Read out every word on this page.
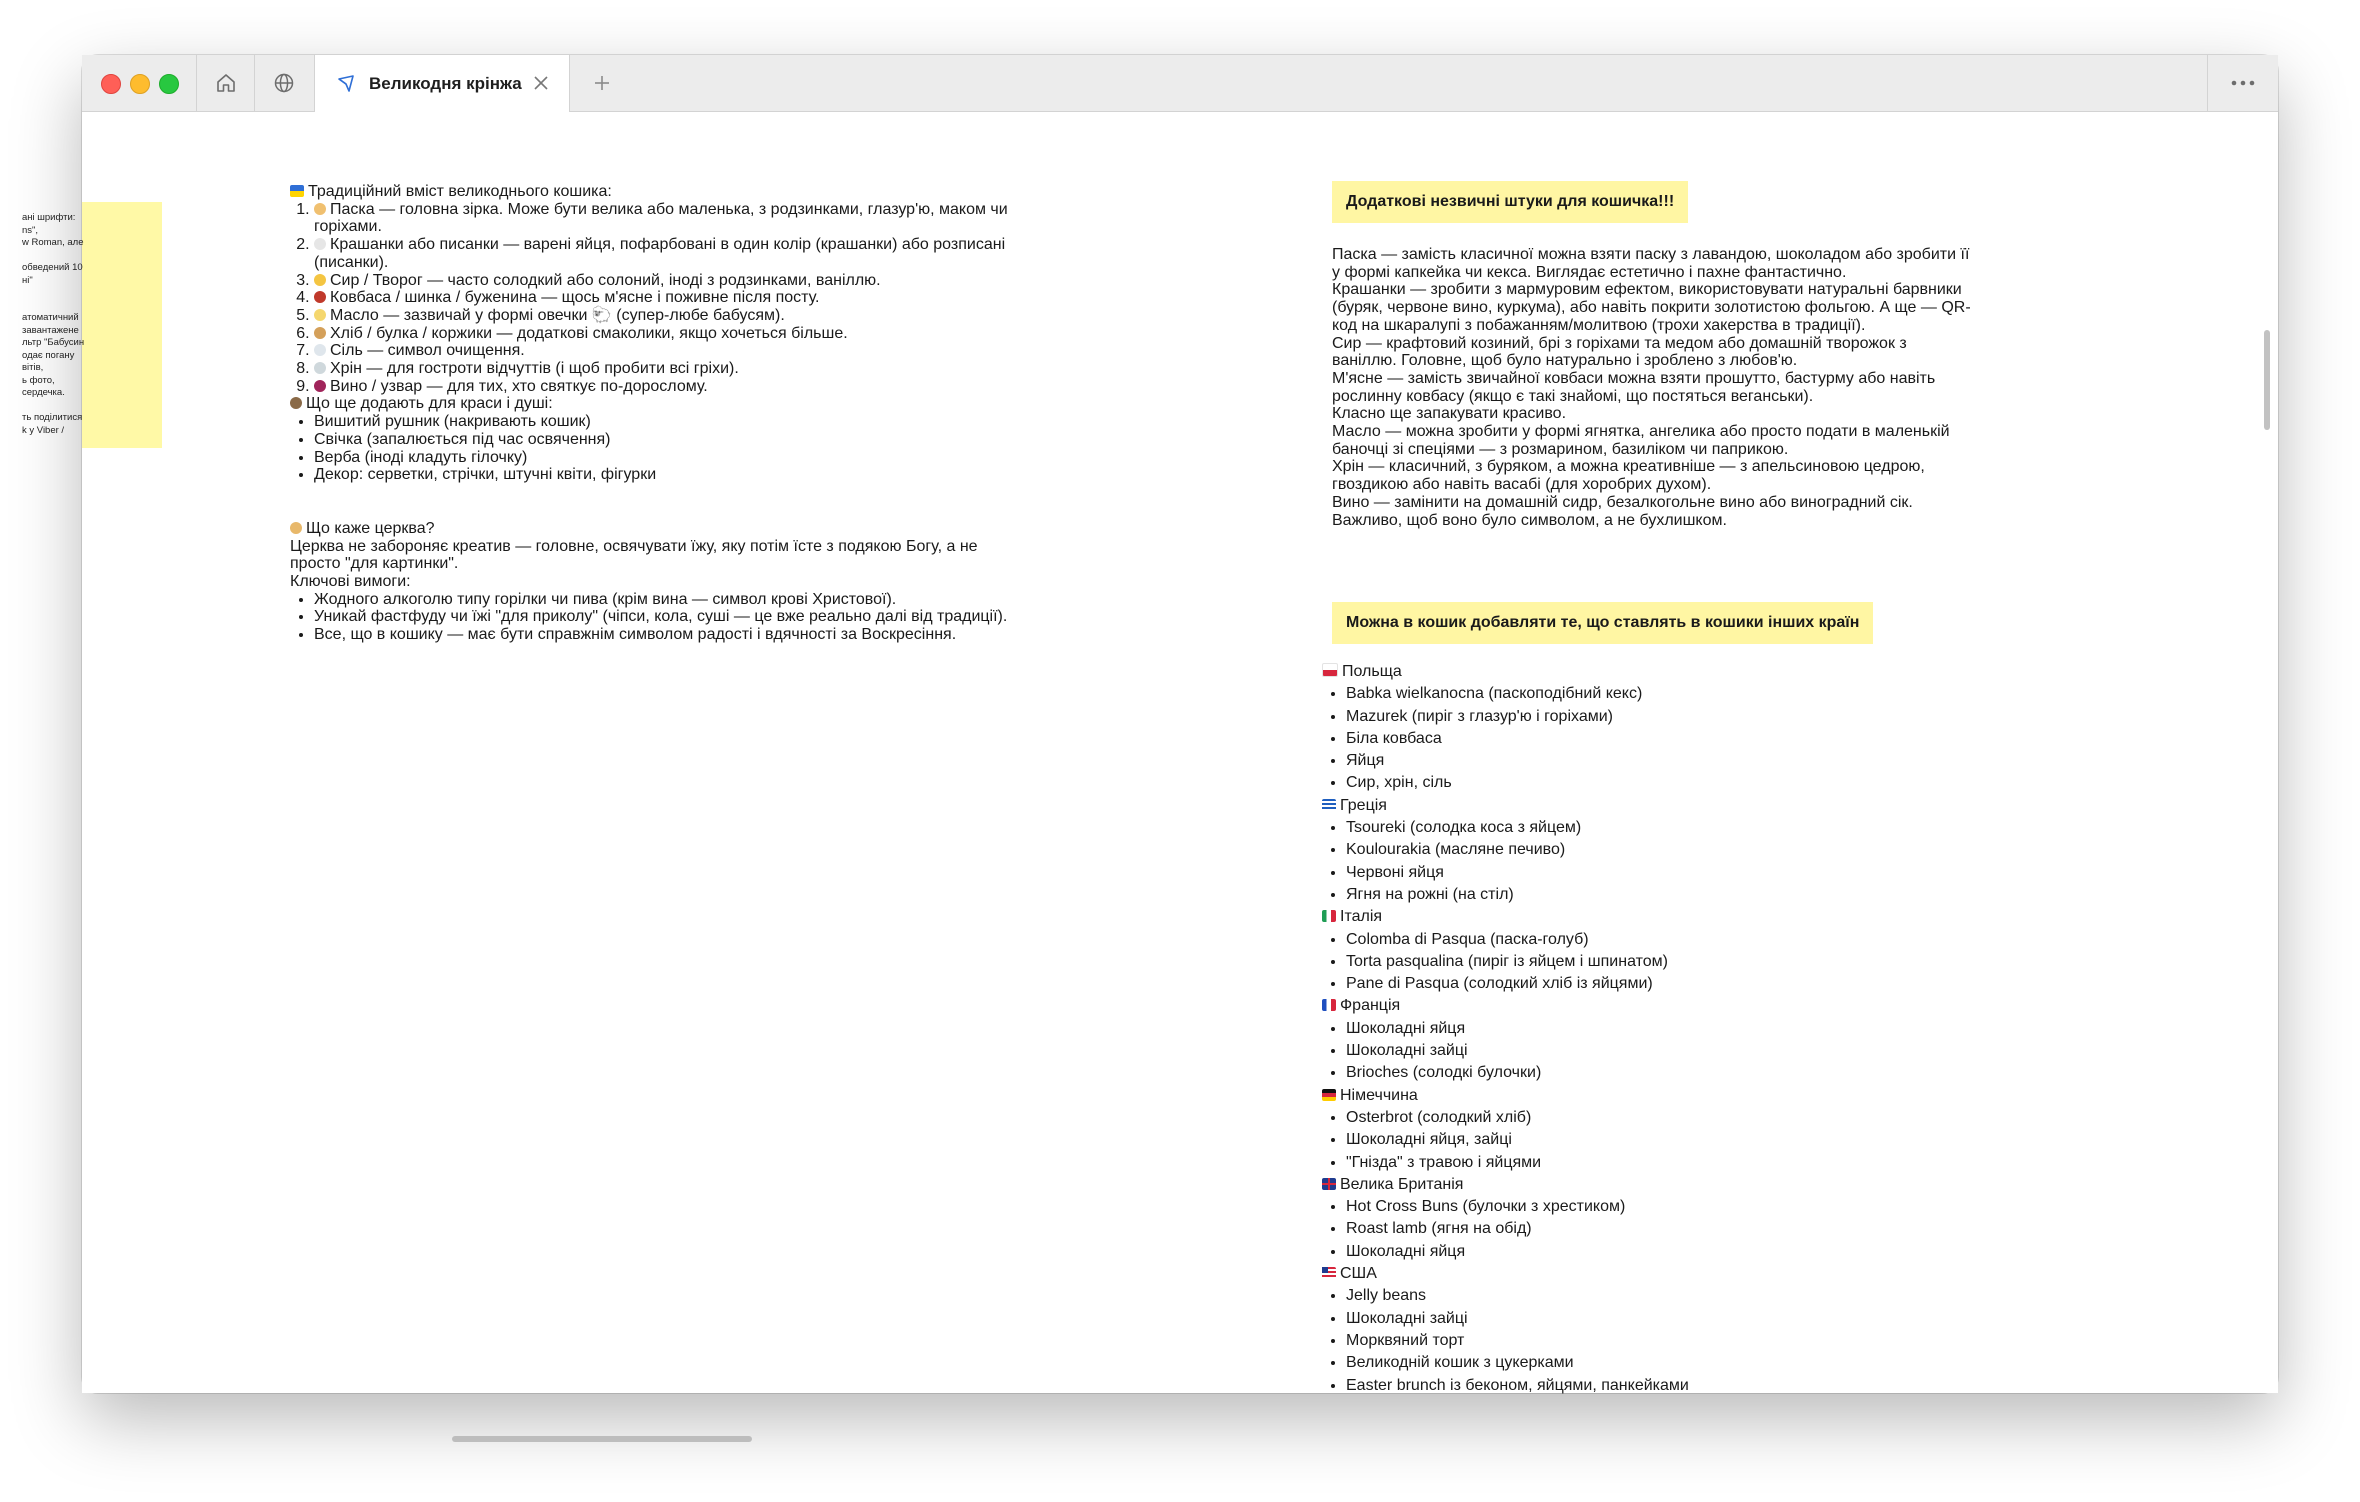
Великодня крінжа
ані шрифти:
ns",
w Roman, але

обведений 10
ні"

атоматичний
завантажене
льтр "Бабусин
одає погану
вітів,
ь фото,
сердечка.

ть поділитися
k у Viber /

Традиційний вміст великоднього кошика:

1. Паска — головна зірка. Може бути велика або маленька, з родзинками, глазур'ю, маком чи горіхами.
2. Крашанки або писанки — варені яйця, пофарбовані в один колір (крашанки) або розписані (писанки).
3. Сир / Творог — часто солодкий або солоний, іноді з родзинками, ваніллю.
4. Ковбаса / шинка / буженина — щось м'ясне і поживне після посту.
5. Масло — зазвичай у формі овечки 🐑 (супер-любе бабусям).
6. Хліб / булка / коржики — додаткові смаколики, якщо хочеться більше.
7. Сіль — символ очищення.
8. Хрін — для гостроти відчуттів (і щоб пробити всі гріхи).
9. Вино / узвар — для тих, хто святкує по-дорослому.

Що ще додають для краси і душі:

• Вишитий рушник (накривають кошик)
• Свічка (запалюється під час освячення)
• Верба (іноді кладуть гілочку)
• Декор: серветки, стрічки, штучні квіти, фігурки

Що каже церква?

Церква не забороняє креатив — головне, освячувати їжу, яку потім їсте з подякою Богу, а не просто "для картинки".

Ключові вимоги:

• Жодного алкоголю типу горілки чи пива (крім вина — символ крові Христової).
• Уникай фастфуду чи їжі "для приколу" (чіпси, кола, суші — це вже реально далі від традиції).
• Все, що в кошику — має бути справжнім символом радості і вдячності за Воскресіння.
Додаткові незвичні штуки для кошичка!!!
Паска — замість класичної можна взяти паску з лавандою, шоколадом або зробити її у формі капкейка чи кекса. Виглядає естетично і пахне фантастично.
Крашанки — зробити з мармуровим ефектом, використовувати натуральні барвники (буряк, червоне вино, куркума), або навіть покрити золотистою фольгою. А ще — QR-код на шкаралупі з побажанням/молитвою (трохи хакерства в традиції).
Сир — крафтовий козиний, брі з горіхами та медом або домашній творожок з ваніллю. Головне, щоб було натурально і зроблено з любов'ю.
М'ясне — замість звичайної ковбаси можна взяти прошутто, бастурму або навіть рослинну ковбасу (якщо є такі знайомі, що постяться веганськи).
Класно ще запакувати красиво.
Масло — можна зробити у формі ягнятка, ангелика або просто подати в маленькій баночці зі спеціями — з розмарином, базиліком чи паприкою.
Хрін — класичний, з буряком, а можна креативніше — з апельсиновою цедрою, гвоздикою або навіть васабі (для хоробрих духом).
Вино — замінити на домашній сидр, безалкогольне вино або виноградний сік. Важливо, щоб воно було символом, а не бухлишком.
Можна в кошик добавляти те, що ставлять в кошики інших країн

Польща

• Babka wielkanocna (паскоподібний кекс)
• Mazurek (пиріг з глазур'ю і горіхами)
• Біла ковбаса
• Яйця
• Сир, хрін, сіль

Греція

• Tsoureki (солодка коса з яйцем)
• Koulourakia (масляне печиво)
• Червоні яйця
• Ягня на рожні (на стіл)

Італія

• Colomba di Pasqua (паска-голуб)
• Torta pasqualina (пиріг із яйцем і шпинатом)
• Pane di Pasqua (солодкий хліб із яйцями)

Франція

• Шоколадні яйця
• Шоколадні зайці
• Brioches (солодкі булочки)

Німеччина

• Osterbrot (солодкий хліб)
• Шоколадні яйця, зайці
• "Гнізда" з травою і яйцями

Велика Британія

• Hot Cross Buns (булочки з хрестиком)
• Roast lamb (ягня на обід)
• Шоколадні яйця

США

• Jelly beans
• Шоколадні зайці
• Морквяний торт
• Великодній кошик з цукерками
• Easter brunch із беконом, яйцями, панкейками
